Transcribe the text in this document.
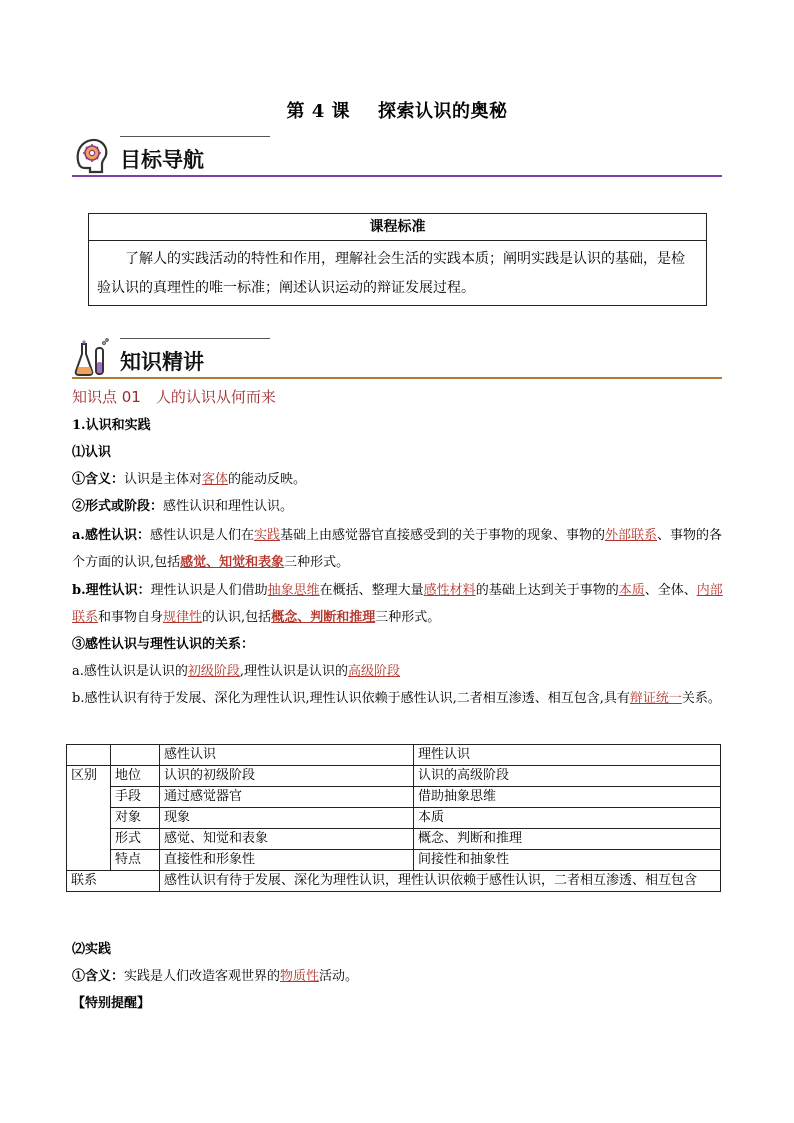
第 4 课 探索认识的奥秘
目标导航
课程标准
了解人的实践活动的特性和作用，理解社会生活的实践本质；阐明实践是认识的基础，是检验认识的真理性的唯一标准；阐述认识运动的辩证发展过程。
知识精讲
知识点 01　人的认识从何而来
1.认识和实践
⑴认识
①含义：认识是主体对客体的能动反映。
②形式或阶段：感性认识和理性认识。
a.感性认识：感性认识是人们在实践基础上由感觉器官直接感受到的关于事物的现象、事物的外部联系、事物的各个方面的认识,包括感觉、知觉和表象三种形式。
b.理性认识：理性认识是人们借助抽象思维在概括、整理大量感性材料的基础上达到关于事物的本质、全体、内部联系和事物自身规律性的认识,包括概念、判断和推理三种形式。
③感性认识与理性认识的关系：
a.感性认识是认识的初级阶段,理性认识是认识的高级阶段
b.感性认识有待于发展、深化为理性认识,理性认识依赖于感性认识,二者相互渗透、相互包含,具有辩证统一关系。
		感性认识	理性认识
区别	地位	认识的初级阶段	认识的高级阶段
	手段	通过感觉器官	借助抽象思维
	对象	现象	本质
	形式	感觉、知觉和表象	概念、判断和推理
	特点	直接性和形象性	间接性和抽象性
联系		感性认识有待于发展、深化为理性认识，理性认识依赖于感性认识，二者相互渗透、相互包含	
⑵实践
①含义：实践是人们改造客观世界的物质性活动。
【特别提醒】
